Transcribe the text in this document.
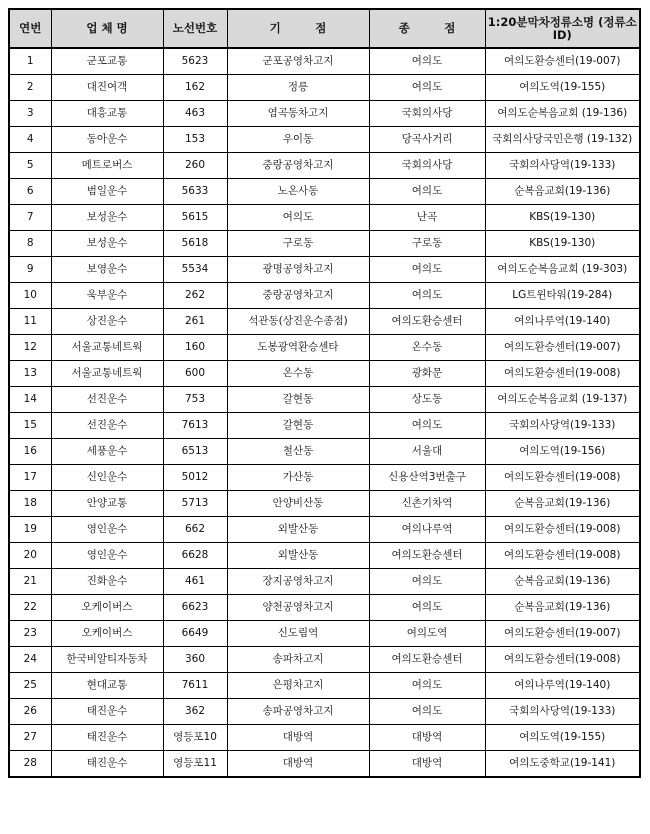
연번	업 체 명	노선번호	기　　　점	종　　　점	1:20분막차정류소명 (정류소ID)
1	군포교통	5623	군포공영차고지	여의도	여의도환승센터(19-007)
2	대진여객	162	정릉	여의도	여의도역(19-155)
3	대흥교통	463	염곡동차고지	국회의사당	여의도순복음교회 (19-136)
4	동아운수	153	우이동	당곡사거리	국회의사당국민은행 (19-132)
5	메트로버스	260	중랑공영차고지	국회의사당	국회의사당역(19-133)
6	범일운수	5633	노온사동	여의도	순복음교회(19-136)
7	보성운수	5615	여의도	난곡	KBS(19-130)
8	보성운수	5618	구로동	구로동	KBS(19-130)
9	보영운수	5534	광명공영차고지	여의도	여의도순복음교회 (19-303)
10	욱부운수	262	중랑공영차고지	여의도	LG트윈타워(19-284)
11	상진운수	261	석관동(상진운수종점)	여의도환승센터	여의나루역(19-140)
12	서울교통네트웍	160	도봉광역환승센타	온수동	여의도환승센터(19-007)
13	서울교통네트웍	600	온수동	광화문	여의도환승센터(19-008)
14	선진운수	753	갈현동	상도동	여의도순복음교회 (19-137)
15	선진운수	7613	갈현동	여의도	국회의사당역(19-133)
16	세풍운수	6513	철산동	서울대	여의도역(19-156)
17	신인운수	5012	가산동	신용산역3번출구	여의도환승센터(19-008)
18	안양교통	5713	안양비산동	신촌기차역	순복음교회(19-136)
19	영인운수	662	외발산동	여의나루역	여의도환승센터(19-008)
20	영인운수	6628	외발산동	여의도환승센터	여의도환승센터(19-008)
21	진화운수	461	장지공영차고지	여의도	순복음교회(19-136)
22	오케이버스	6623	양천공영차고지	여의도	순복음교회(19-136)
23	오케이버스	6649	신도림역	여의도역	여의도환승센터(19-007)
24	한국비알티자동차	360	송파차고지	여의도환승센터	여의도환승센터(19-008)
25	현대교통	7611	은평차고지	여의도	여의나루역(19-140)
26	태진운수	362	송파공영차고지	여의도	국회의사당역(19-133)
27	태진운수	영등포10	대방역	대방역	여의도역(19-155)
28	태진운수	영등포11	대방역	대방역	여의도중학교(19-141)
